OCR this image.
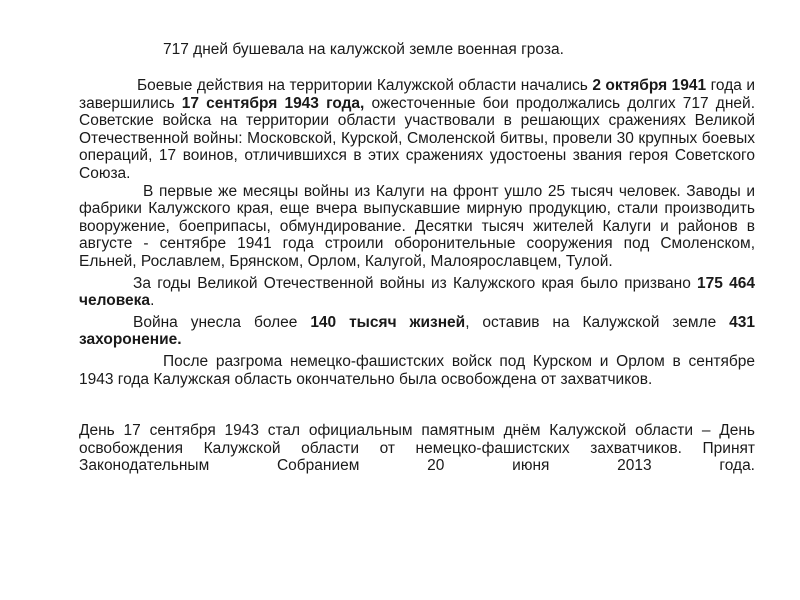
717 дней бушевала на калужской земле военная гроза.

Боевые действия на территории Калужской области начались 2 октября 1941 года и завершились 17 сентября 1943 года, ожесточенные бои продолжались долгих 717 дней. Советские войска на территории области участвовали в решающих сражениях Великой Отечественной войны: Московской, Курской, Смоленской битвы, провели 30 крупных боевых операций, 17 воинов, отличившихся в этих сражениях удостоены звания героя Советского Союза.

В первые же месяцы войны из Калуги на фронт ушло 25 тысяч человек. Заводы и фабрики Калужского края, еще вчера выпускавшие мирную продукцию, стали производить вооружение, боеприпасы, обмундирование. Десятки тысяч жителей Калуги и районов в августе - сентябре 1941 года строили оборонительные сооружения под Смоленском, Ельней, Рославлем, Брянском, Орлом, Калугой, Малоярославцем, Тулой.

За годы Великой Отечественной войны из Калужского края было призвано 175 464 человека.

Война унесла более 140 тысяч жизней, оставив на Калужской земле 431 захоронение.

После разгрома немецко-фашистских войск под Курском и Орлом в сентябре 1943 года Калужская область окончательно была освобождена от захватчиков.

День 17 сентября 1943 стал официальным памятным днём Калужской области – День освобождения Калужской области от немецко-фашистских захватчиков. Принят Законодательным Собранием 20 июня 2013 года.
